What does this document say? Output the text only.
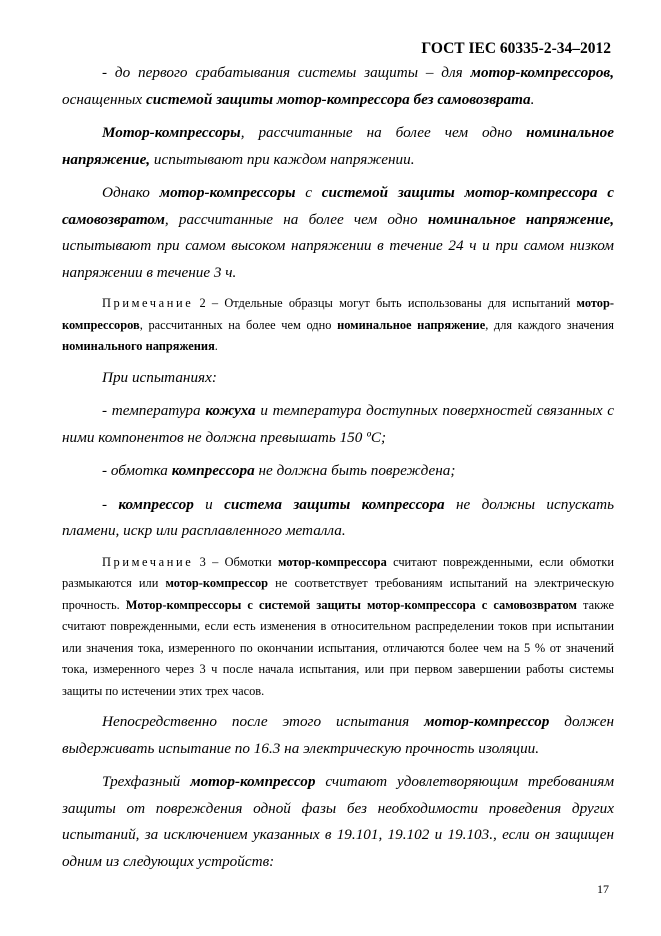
ГОСТ IEC 60335-2-34–2012

- до первого срабатывания системы защиты – для мотор-компрессоров, оснащенных системой защиты мотор-компрессора без самовозврата.

Мотор-компрессоры, рассчитанные на более чем одно номинальное напряжение, испытывают при каждом напряжении.

Однако мотор-компрессоры с системой защиты мотор-компрессора с самовозвратом, рассчитанные на более чем одно номинальное напряжение, испытывают при самом высоком напряжении в течение 24 ч и при самом низком напряжении в течение 3 ч.

Примечание 2 – Отдельные образцы могут быть использованы для испытаний мотор-компрессоров, рассчитанных на более чем одно номинальное напряжение, для каждого значения номинального напряжения.

При испытаниях:

- температура кожуха и температура доступных поверхностей связанных с ними компонентов не должна превышать 150 ºС;

- обмотка компрессора не должна быть повреждена;

- компрессор и система защиты компрессора не должны испускать пламени, искр или расплавленного металла.

Примечание 3 – Обмотки мотор-компрессора считают поврежденными, если обмотки размыкаются или мотор-компрессор не соответствует требованиям испытаний на электрическую прочность. Мотор-компрессоры с системой защиты мотор-компрессора с самовозвратом также считают поврежденными, если есть изменения в относительном распределении токов при испытании или значения тока, измеренного по окончании испытания, отличаются более чем на 5 % от значений тока, измеренного через 3 ч после начала испытания, или при первом завершении работы системы защиты по истечении этих трех часов.

Непосредственно после этого испытания мотор-компрессор должен выдерживать испытание по 16.3 на электрическую прочность изоляции.

Трехфазный мотор-компрессор считают удовлетворяющим требованиям защиты от повреждения одной фазы без необходимости проведения других испытаний, за исключением указанных в 19.101, 19.102 и 19.103., если он защищен одним из следующих устройств:

17
